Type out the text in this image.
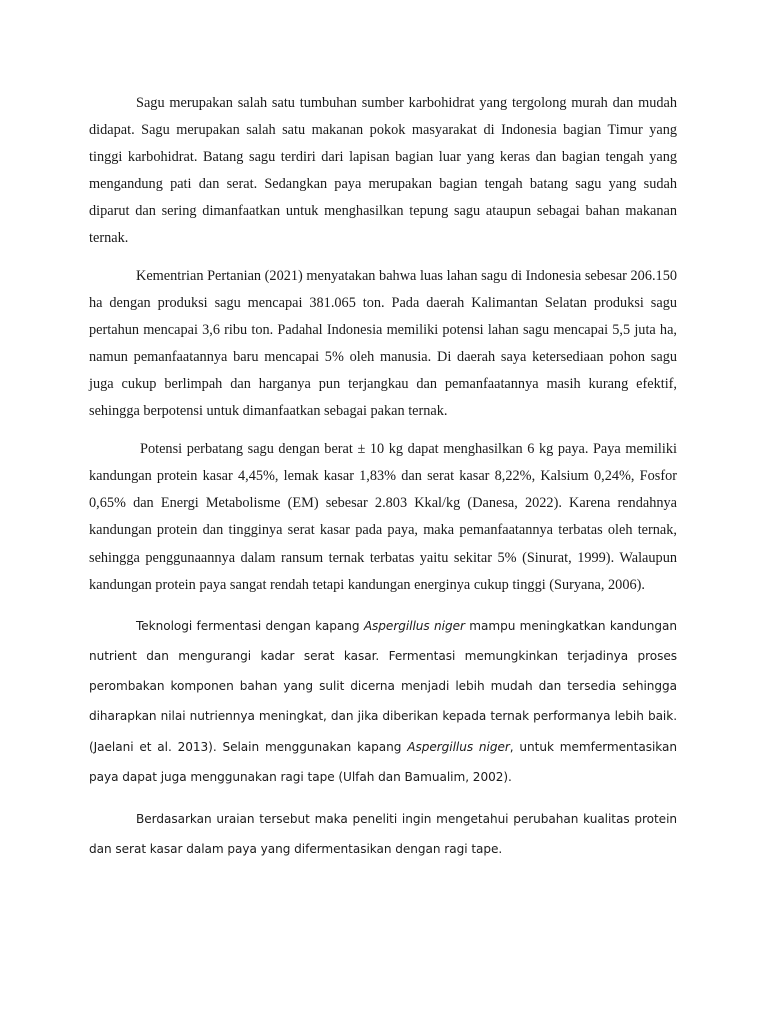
Sagu merupakan salah satu tumbuhan sumber karbohidrat yang tergolong murah dan mudah didapat. Sagu merupakan salah satu makanan pokok masyarakat di Indonesia bagian Timur yang tinggi karbohidrat. Batang sagu terdiri dari lapisan bagian luar yang keras dan bagian tengah yang mengandung pati dan serat. Sedangkan paya merupakan bagian tengah batang sagu yang sudah diparut dan sering dimanfaatkan untuk menghasilkan tepung sagu ataupun sebagai bahan makanan ternak.

Kementrian Pertanian (2021) menyatakan bahwa luas lahan sagu di Indonesia sebesar 206.150 ha dengan produksi sagu mencapai 381.065 ton. Pada daerah Kalimantan Selatan produksi sagu pertahun mencapai 3,6 ribu ton. Padahal Indonesia memiliki potensi lahan sagu mencapai 5,5 juta ha, namun pemanfaatannya baru mencapai 5% oleh manusia. Di daerah saya ketersediaan pohon sagu juga cukup berlimpah dan harganya pun terjangkau dan pemanfaatannya masih kurang efektif, sehingga berpotensi untuk dimanfaatkan sebagai pakan ternak.

Potensi perbatang sagu dengan berat ± 10 kg dapat menghasilkan 6 kg paya. Paya memiliki kandungan protein kasar 4,45%, lemak kasar 1,83% dan serat kasar 8,22%, Kalsium 0,24%, Fosfor 0,65% dan Energi Metabolisme (EM) sebesar 2.803 Kkal/kg (Danesa, 2022). Karena rendahnya kandungan protein dan tingginya serat kasar pada paya, maka pemanfaatannya terbatas oleh ternak, sehingga penggunaannya dalam ransum ternak terbatas yaitu sekitar 5% (Sinurat, 1999). Walaupun kandungan protein paya sangat rendah tetapi kandungan energinya cukup tinggi (Suryana, 2006).

Teknologi fermentasi dengan kapang Aspergillus niger mampu meningkatkan kandungan nutrient dan mengurangi kadar serat kasar. Fermentasi memungkinkan terjadinya proses perombakan komponen bahan yang sulit dicerna menjadi lebih mudah dan tersedia sehingga diharapkan nilai nutriennya meningkat, dan jika diberikan kepada ternak performanya lebih baik. (Jaelani et al. 2013). Selain menggunakan kapang Aspergillus niger, untuk memfermentasikan paya dapat juga menggunakan ragi tape (Ulfah dan Bamualim, 2002).

Berdasarkan uraian tersebut maka peneliti ingin mengetahui perubahan kualitas protein dan serat kasar dalam paya yang difermentasikan dengan ragi tape.
